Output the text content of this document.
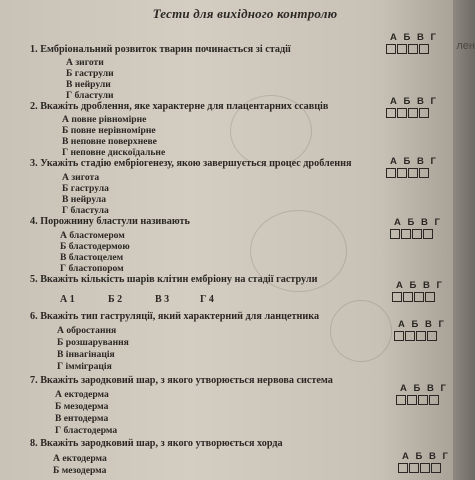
лен
Тести для вихідного контролю
1. Ембріональний розвиток тварин починається зі стадії
А зиготи
Б гаструли
В нейрули
Г бластули
А Б В Г
2. Вкажіть дроблення, яке характерне для плацентарних ссавців
А повне рівномірне
Б повне нерівномірне
В неповне поверхневе
Г неповне дискоїдальне
А Б В Г
3. Укажіть стадію ембріогенезу, якою завершується процес дроблення
А зигота
Б гаструла
В нейрула
Г бластула
А Б В Г
4. Порожнину бластули називають
А бластомером
Б бластодермою
В бластоцелем
Г бластопором
А Б В Г
5. Вкажіть кількість шарів клітин ембріону на стадії гаструли
А 1	Б 2	В 3	Г 4
А Б В Г
6. Вкажіть тип гаструляції, який характерний для ланцетника
А обростання
Б розшарування
В інвагінація
Г імміграція
А Б В Г
7. Вкажіть зародковий шар, з якого утворюється нервова система
А ектодерма
Б мезодерма
В ентодерма
Г бластодерма
А Б В Г
8. Вкажіть зародковий шар, з якого утворюється хорда
А ектодерма
Б мезодерма
А Б В Г
